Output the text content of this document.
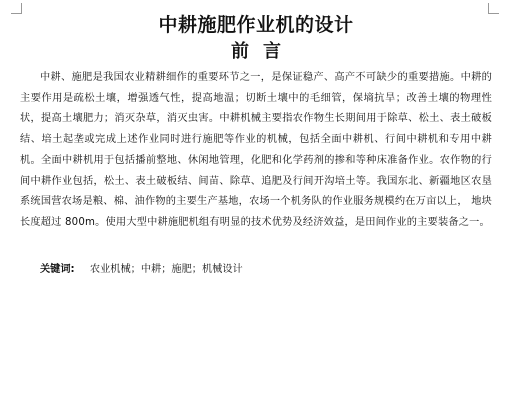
中耕施肥作业机的设计
前言

中耕、施肥是我国农业精耕细作的重要环节之一，是保证稳产、高产不可缺少的重要措施。中耕的主要作用是疏松土壤，增强透气性，提高地温；切断土壤中的毛细管，保墒抗旱；改善土壤的物理性状，提高土壤肥力；消灭杂草，消灭虫害。中耕机械主要指农作物生长期间用于除草、松土、表土破板结、培土起垄或完成上述作业同时进行施肥等作业的机械，包括全面中耕机、行间中耕机和专用中耕机。全面中耕机用于包括播前整地、休闲地管理，化肥和化学药剂的掺和等种床准备作业。农作物的行间中耕作业包括，松土、表土破板结、间苗、除草、追肥及行间开沟培土等。我国东北、新疆地区农垦系统国营农场是粮、棉、油作物的主要生产基地，农场一个机务队的作业服务规模约在万亩以上， 地块长度超过 800m。使用大型中耕施肥机组有明显的技术优势及经济效益，是田间作业的主要装备之一。

关键词: 农业机械；中耕；施肥；机械设计
